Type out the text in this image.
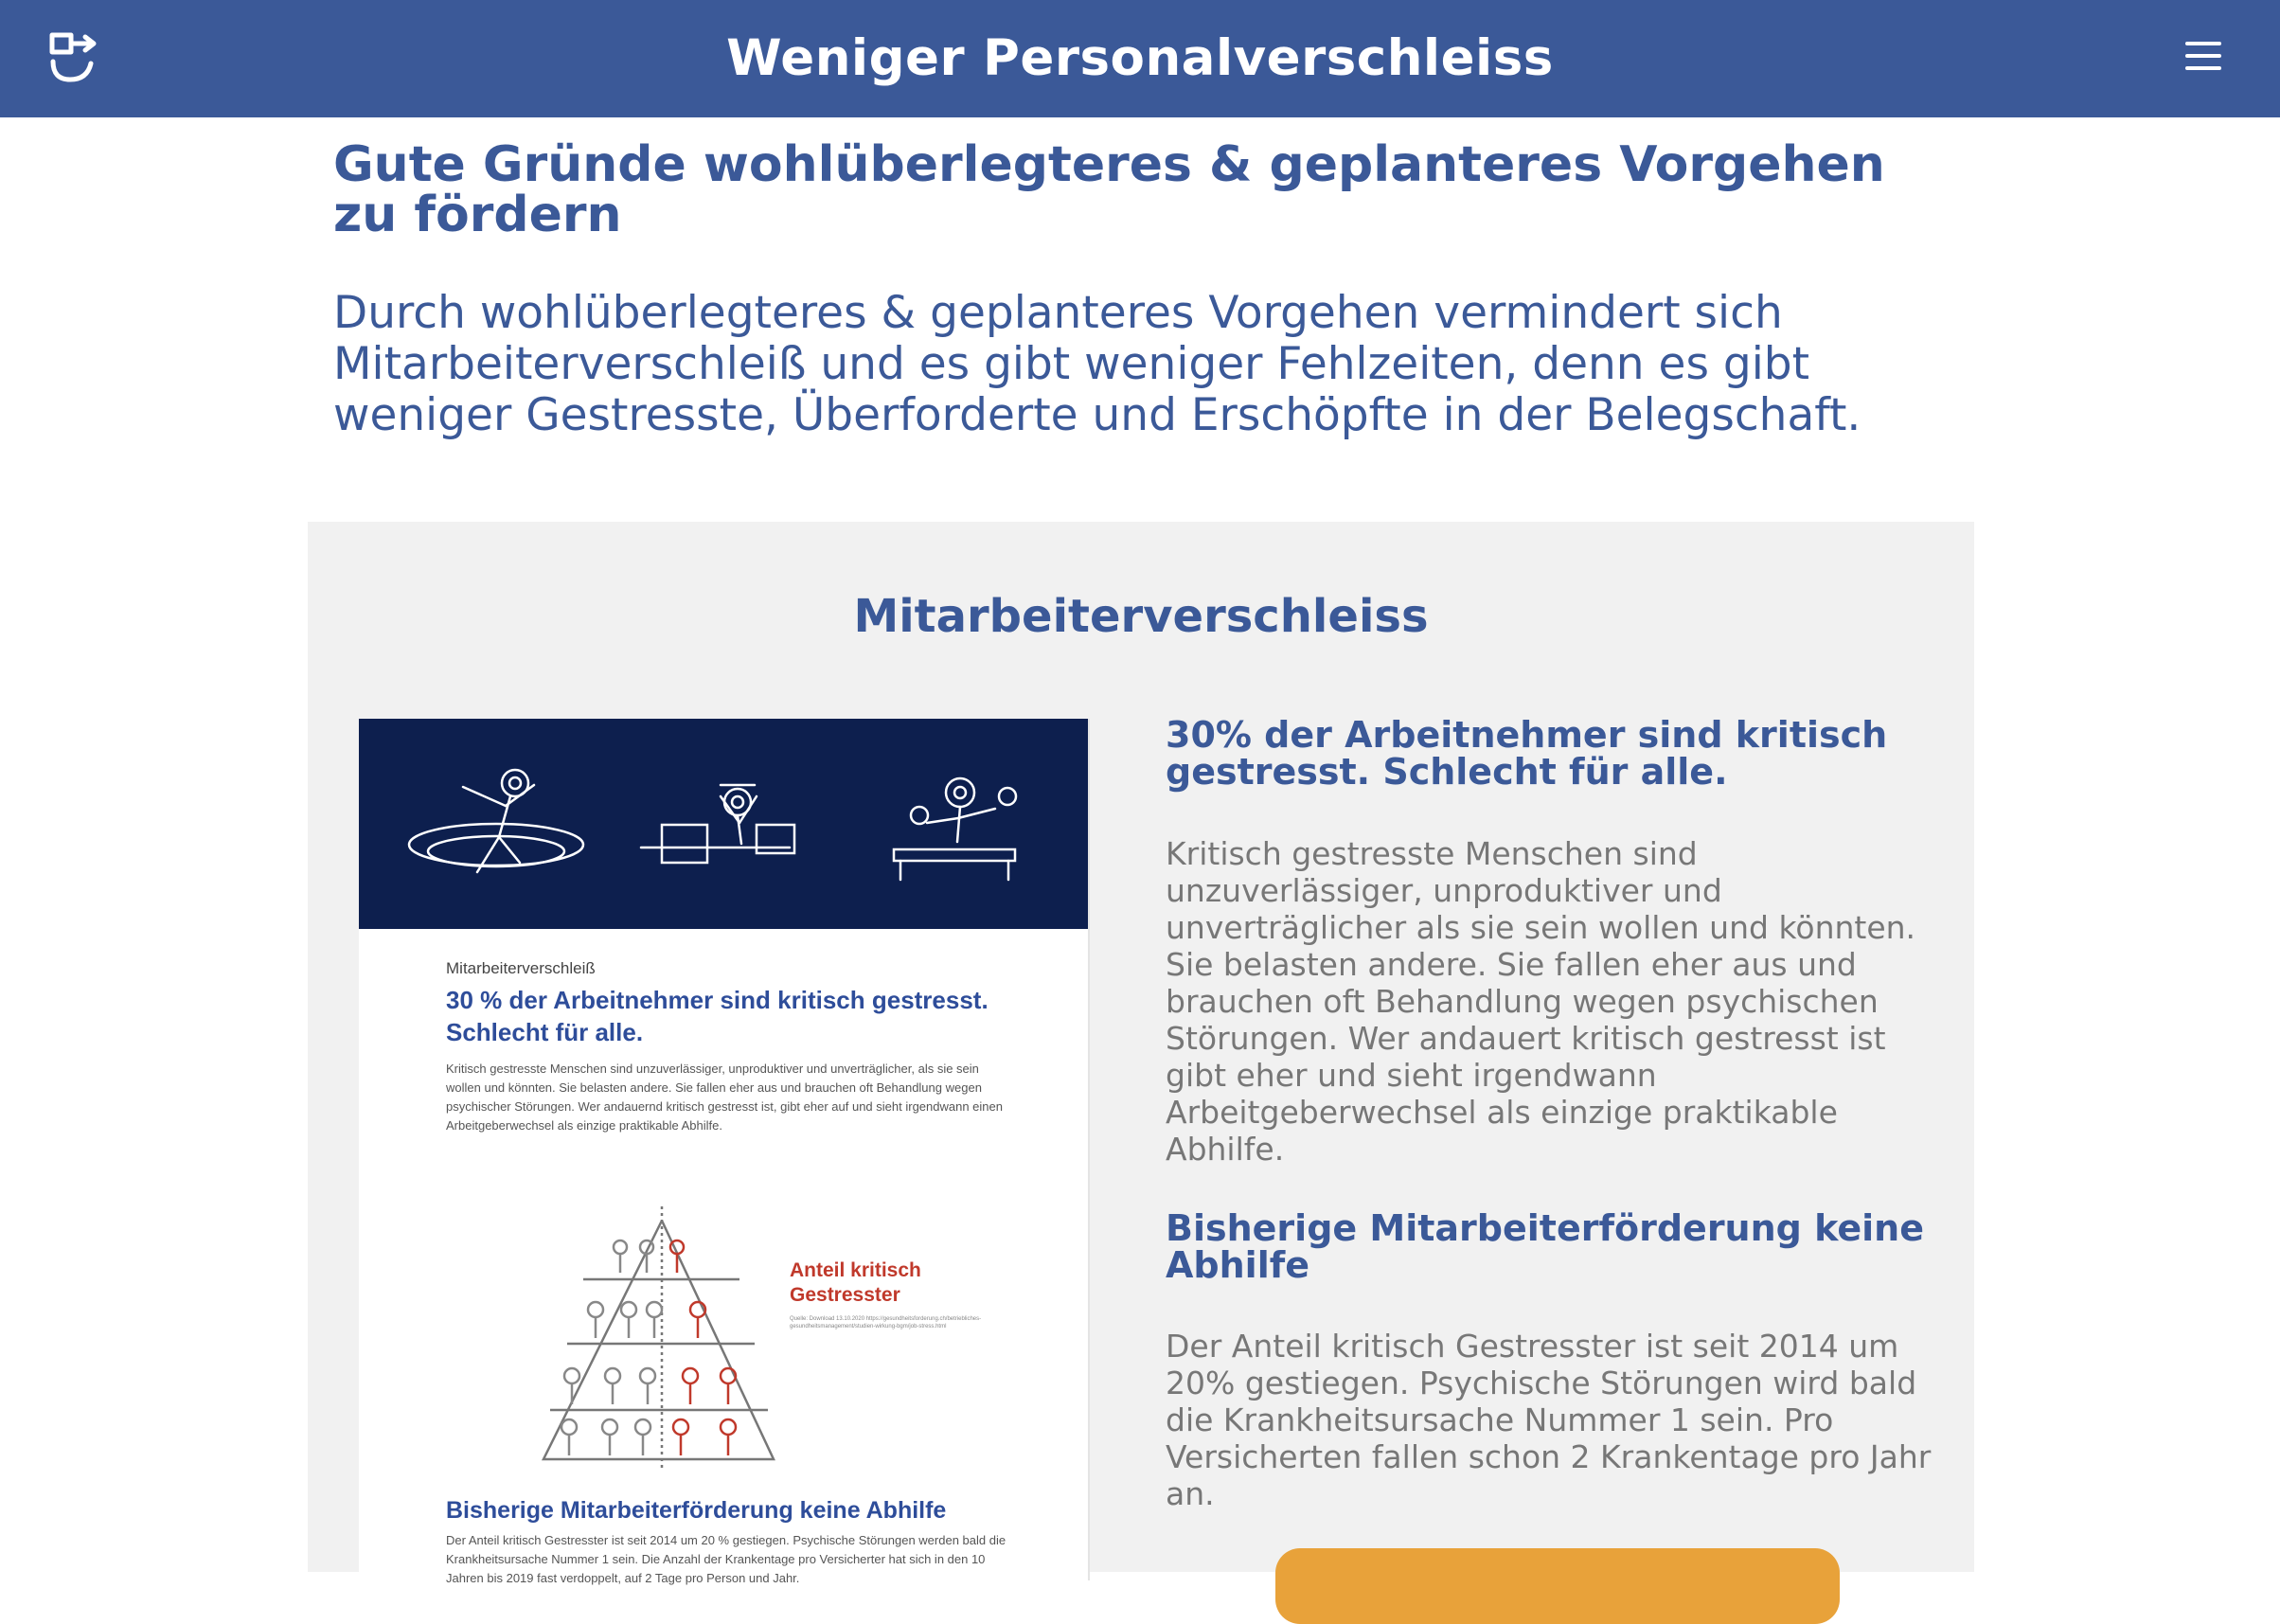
Weniger Personalverschleiss
Gute Gründe wohlüberlegteres & geplanteres Vorgehen zu fördern

Durch wohlüberlegteres & geplanteres Vorgehen vermindert sich Mitarbeiterverschleiß und es gibt weniger Fehlzeiten, denn es gibt weniger Gestresste, Überforderte und Erschöpfte in der Belegschaft.

Mitarbeiterverschleiss
Mitarbeiterverschleiß
30 % der Arbeitnehmer sind kritisch gestresst. Schlecht für alle.
Kritisch gestresste Menschen sind unzuverlässiger, unproduktiver und unverträglicher, als sie sein wollen und könnten. Sie belasten andere. Sie fallen eher aus und brauchen oft Behandlung wegen psychischer Störungen. Wer andauernd kritisch gestresst ist, gibt eher auf und sieht irgendwann einen Arbeitgeberwechsel als einzige praktikable Abhilfe.
Anteil kritisch Gestresster
Quelle: Download 13.10.2020 https://gesundheitsforderung.ch/betriebliches-gesundheitsmanagement/studien-wirkung-bgm/job-stress.html
Bisherige Mitarbeiterförderung keine Abhilfe
Der Anteil kritisch Gestresster ist seit 2014 um 20 % gestiegen. Psychische Störungen werden bald die Krankheitsursache Nummer 1 sein. Die Anzahl der Krankentage pro Versicherter hat sich in den 10 Jahren bis 2019 fast verdoppelt, auf 2 Tage pro Person und Jahr.
30% der Arbeitnehmer sind kritisch gestresst. Schlecht für alle.

Kritisch gestresste Menschen sind unzuverlässiger, unproduktiver und unverträglicher als sie sein wollen und könnten. Sie belasten andere. Sie fallen eher aus und brauchen oft Behandlung wegen psychischen Störungen. Wer andauert kritisch gestresst ist gibt eher und sieht irgendwann Arbeitgeberwechsel als einzige praktikable Abhilfe.

Bisherige Mitarbeiterförderung keine Abhilfe

Der Anteil kritisch Gestresster ist seit 2014 um 20% gestiegen. Psychische Störungen wird bald die Krankheitsursache Nummer 1 sein. Pro Versicherten fallen schon 2 Krankentage pro Jahr an.
